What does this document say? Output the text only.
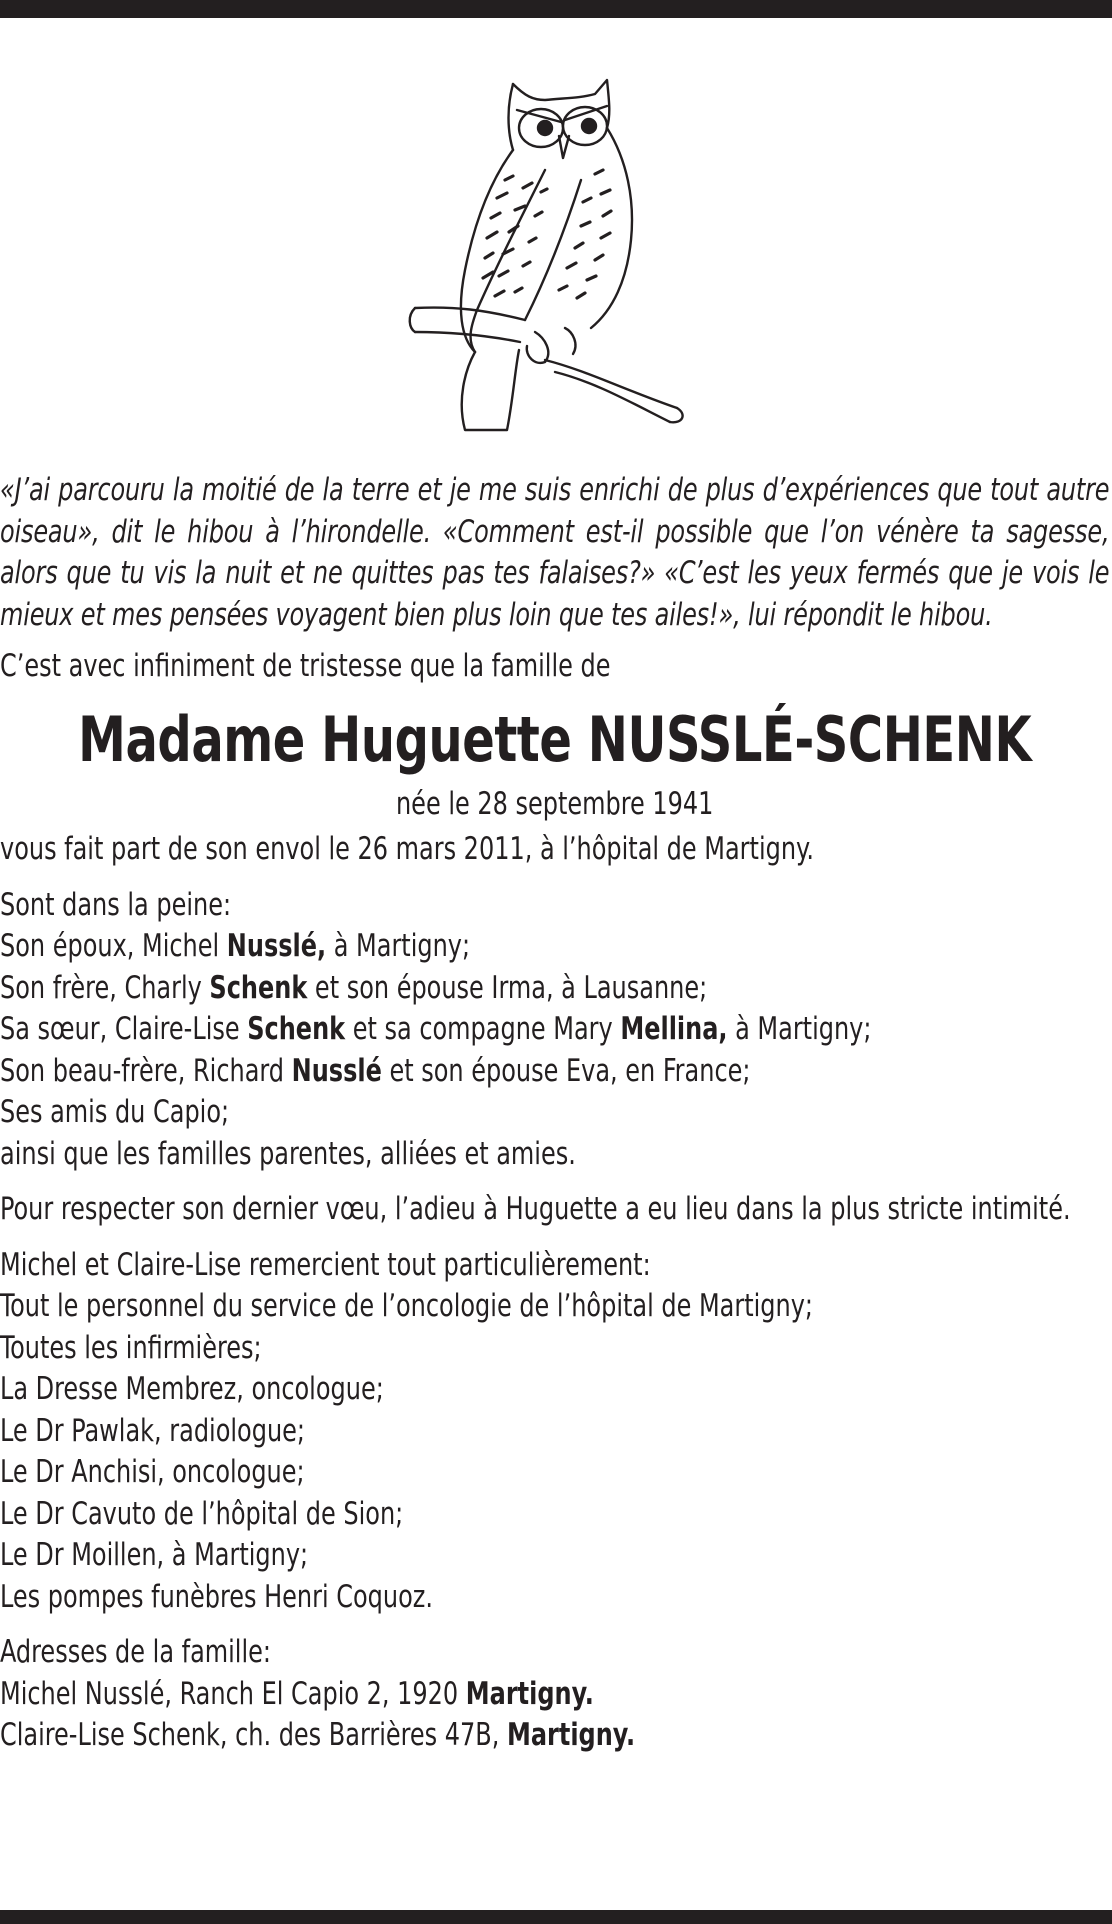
«J’ai parcouru la moitié de la terre et je me suis enrichi de plus d’expériences que tout autre oiseau», dit le hibou à l’hirondelle. «Comment est-il possible que l’on vénère ta sagesse, alors que tu vis la nuit et ne quittes pas tes falaises?» «C’est les yeux fermés que je vois le mieux et mes pensées voyagent bien plus loin que tes ailes!», lui répondit le hibou.

C’est avec infiniment de tristesse que la famille de

Madame Huguette NUSSLÉ-SCHENK

née le 28 septembre 1941

vous fait part de son envol le 26 mars 2011, à l’hôpital de Martigny.

Sont dans la peine:

Son époux, Michel Nusslé, à Martigny;

Son frère, Charly Schenk et son épouse Irma, à Lausanne;

Sa sœur, Claire-Lise Schenk et sa compagne Mary Mellina, à Martigny;

Son beau-frère, Richard Nusslé et son épouse Eva, en France;

Ses amis du Capio;

ainsi que les familles parentes, alliées et amies.

Pour respecter son dernier vœu, l’adieu à Huguette a eu lieu dans la plus stricte intimité.

Michel et Claire-Lise remercient tout particulièrement:

Tout le personnel du service de l’oncologie de l’hôpital de Martigny;

Toutes les infirmières;

La Dresse Membrez, oncologue;

Le Dr Pawlak, radiologue;

Le Dr Anchisi, oncologue;

Le Dr Cavuto de l’hôpital de Sion;

Le Dr Moillen, à Martigny;

Les pompes funèbres Henri Coquoz.

Adresses de la famille:

Michel Nusslé, Ranch El Capio 2, 1920 Martigny.

Claire-Lise Schenk, ch. des Barrières 47B, Martigny.
